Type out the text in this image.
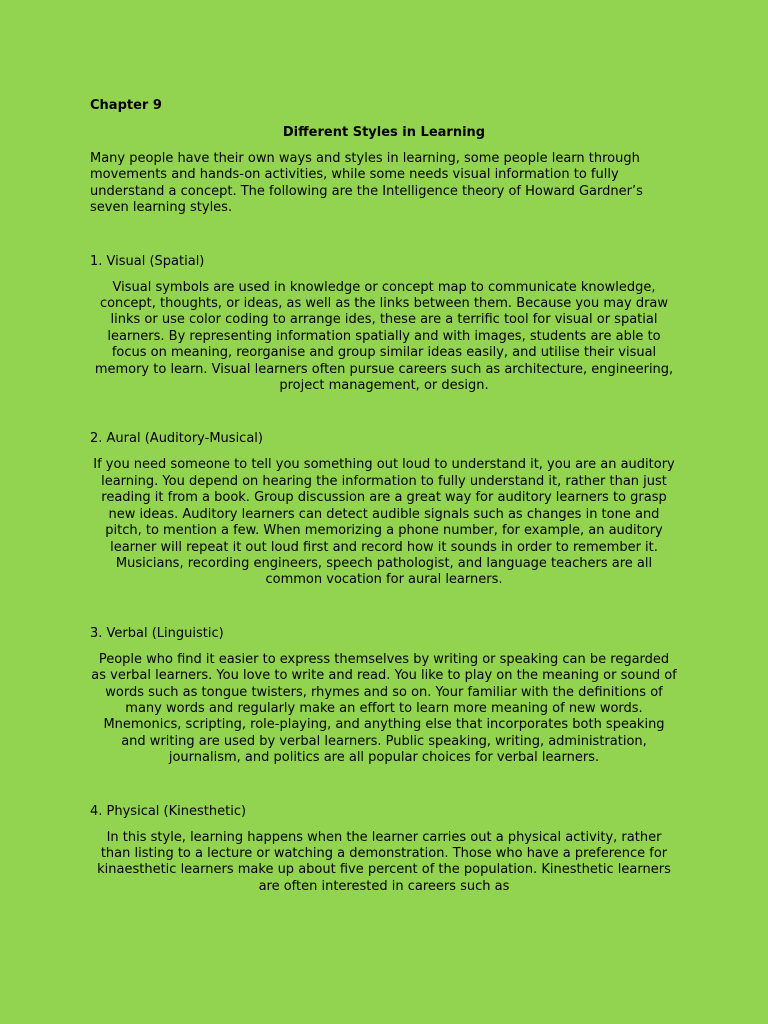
Chapter 9

Different Styles in Learning

Many people have their own ways and styles in learning, some people learn through movements and hands-on activities, while some needs visual information to fully understand a concept. The following are the Intelligence theory of Howard Gardner’s seven learning styles.

1. Visual (Spatial)

Visual symbols are used in knowledge or concept map to communicate knowledge, concept, thoughts, or ideas, as well as the links between them. Because you may draw links or use color coding to arrange ides, these are a terrific tool for visual or spatial learners. By representing information spatially and with images, students are able to focus on meaning, reorganise and group similar ideas easily, and utilise their visual memory to learn. Visual learners often pursue careers such as architecture, engineering, project management, or design.

2. Aural (Auditory-Musical)

If you need someone to tell you something out loud to understand it, you are an auditory learning. You depend on hearing the information to fully understand it, rather than just reading it from a book. Group discussion are a great way for auditory learners to grasp new ideas. Auditory learners can detect audible signals such as changes in tone and pitch, to mention a few. When memorizing a phone number, for example, an auditory learner will repeat it out loud first and record how it sounds in order to remember it. Musicians, recording engineers, speech pathologist, and language teachers are all common vocation for aural learners.

3. Verbal (Linguistic)

People who find it easier to express themselves by writing or speaking can be regarded as verbal learners. You love to write and read. You like to play on the meaning or sound of words such as tongue twisters, rhymes and so on. Your familiar with the definitions of many words and regularly make an effort to learn more meaning of new words. Mnemonics, scripting, role-playing, and anything else that incorporates both speaking and writing are used by verbal learners. Public speaking, writing, administration, journalism, and politics are all popular choices for verbal learners.

4. Physical (Kinesthetic)

In this style, learning happens when the learner carries out a physical activity, rather than listing to a lecture or watching a demonstration. Those who have a preference for kinaesthetic learners make up about five percent of the population. Kinesthetic learners are often interested in careers such as
